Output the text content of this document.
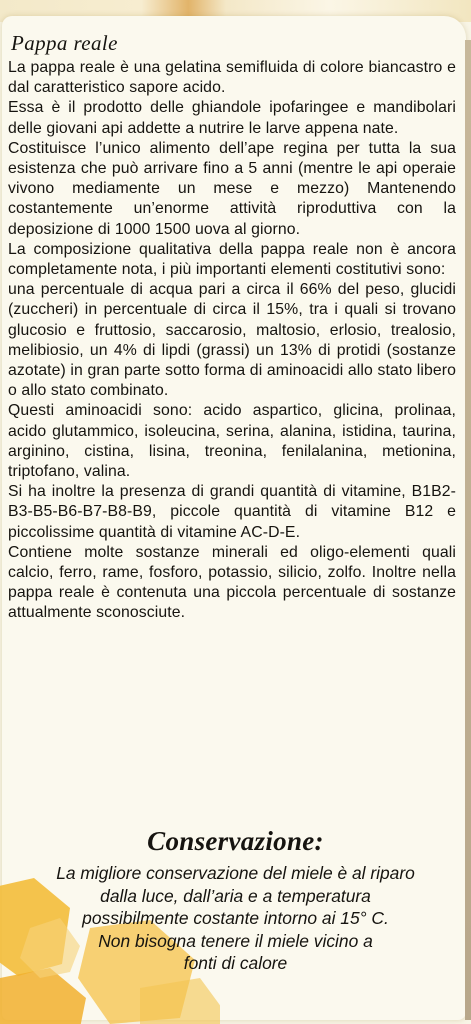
Pappa reale

La pappa reale è una gelatina semifluida di colore biancastro e dal caratteristico sapore acido.

Essa è il prodotto delle ghiandole ipofaringee e mandibolari delle giovani api addette a nutrire le larve appena nate.

Costituisce l’unico alimento dell’ape regina per tutta la sua esistenza che può arrivare fino a 5 anni (mentre le api operaie vivono mediamente un mese e mezzo) Mantenendo costantemente un’enorme attività riproduttiva con la deposizione di 1000 1500 uova al giorno.

La composizione qualitativa della pappa reale non è ancora completamente nota, i più importanti elementi costitutivi sono:

una percentuale di acqua pari a circa il 66% del peso, glucidi (zuccheri) in percentuale di circa il 15%, tra i quali si trovano glucosio e fruttosio, saccarosio, maltosio, erlosio, trealosio, melibiosio, un 4% di lipdi (grassi) un 13% di protidi (sostanze azotate) in gran parte sotto forma di aminoacidi allo stato libero o allo stato combinato.

Questi aminoacidi sono: acido aspartico, glicina, prolinaa, acido glutammico, isoleucina, serina, alanina, istidina, taurina, arginino, cistina, lisina, treonina, fenilalanina, metionina, triptofano, valina.

Si ha inoltre la presenza di grandi quantità di vitamine, B1B2-B3-B5-B6-B7-B8-B9, piccole quantità di vitamine B12 e piccolissime quantità di vitamine AC-D-E.

Contiene molte sostanze minerali ed oligo-elementi quali calcio, ferro, rame, fosforo, potassio, silicio, zolfo. Inoltre nella pappa reale è contenuta una piccola percentuale di sostanze attualmente sconosciute.

Conservazione:
La migliore conservazione del miele è al riparo
dalla luce, dall’aria e a temperatura
possibilmente costante intorno ai 15° C.
Non bisogna tenere il miele vicino a
fonti di calore
